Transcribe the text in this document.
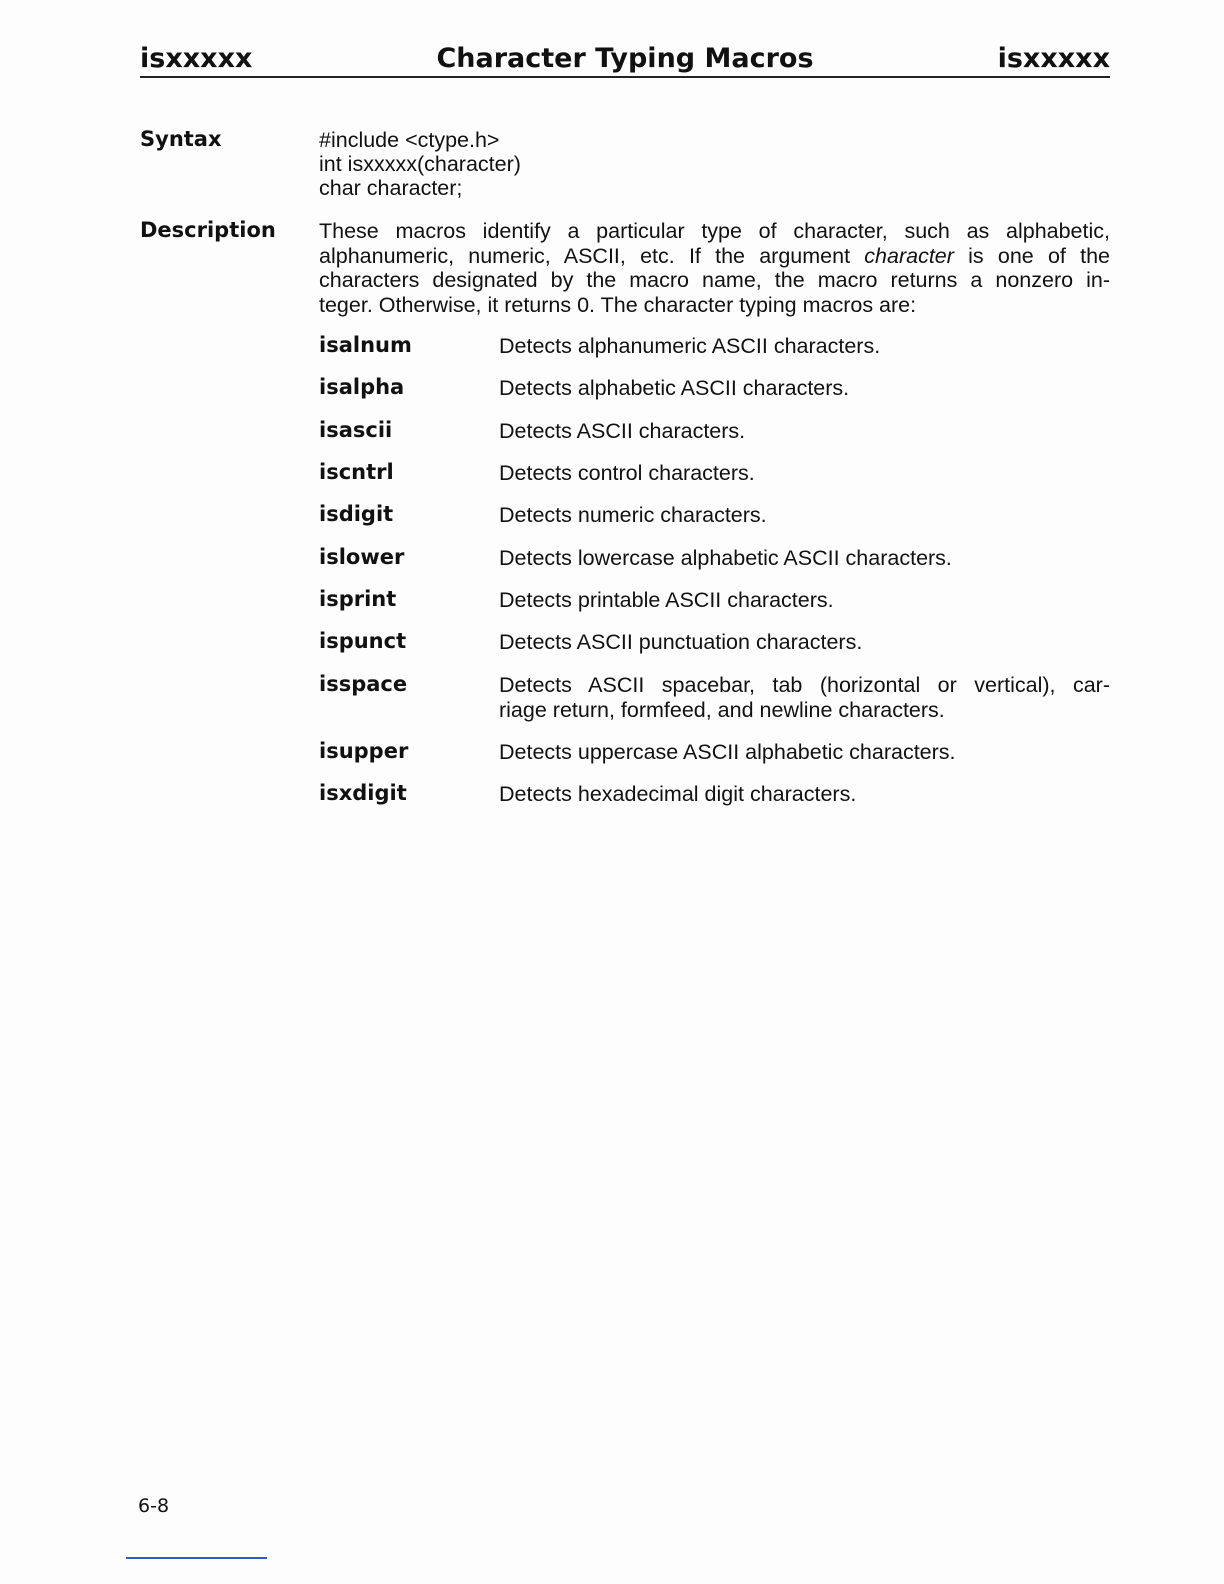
Character Typing Macros
isxxxxx	isxxxxx
Syntax	#include <ctype.h>
int isxxxxx(character)
char character;
Description These macros identify a particular type of character, such as alphabetic,
alphanumeric, numeric, ASCII, etc. If the argument character is one of the
characters designated by the macro name, the macro returns a nonzero in-
teger. Otherwise, it returns 0. The character typing macros are:
isalnum	Detects alphanumeric ASCII characters.
isalpha	Detects alphabetic ASCII characters.
isascii	Detects ASCII characters.
iscntrl	Detects control characters.
isdigit	Detects numeric characters.
islower	Detects lowercase alphabetic ASCII characters.
isprint	Detects printable ASCII characters.
ispunct	Detects ASCII punctuation characters.
isspace	Detects ASCII spacebar, tab (horizontal or vertical), car-
riage return, formfeed, and newline characters.
isupper	Detects uppercase ASCII alphabetic characters.
isxdigit	Detects hexadecimal digit characters.
6-8
